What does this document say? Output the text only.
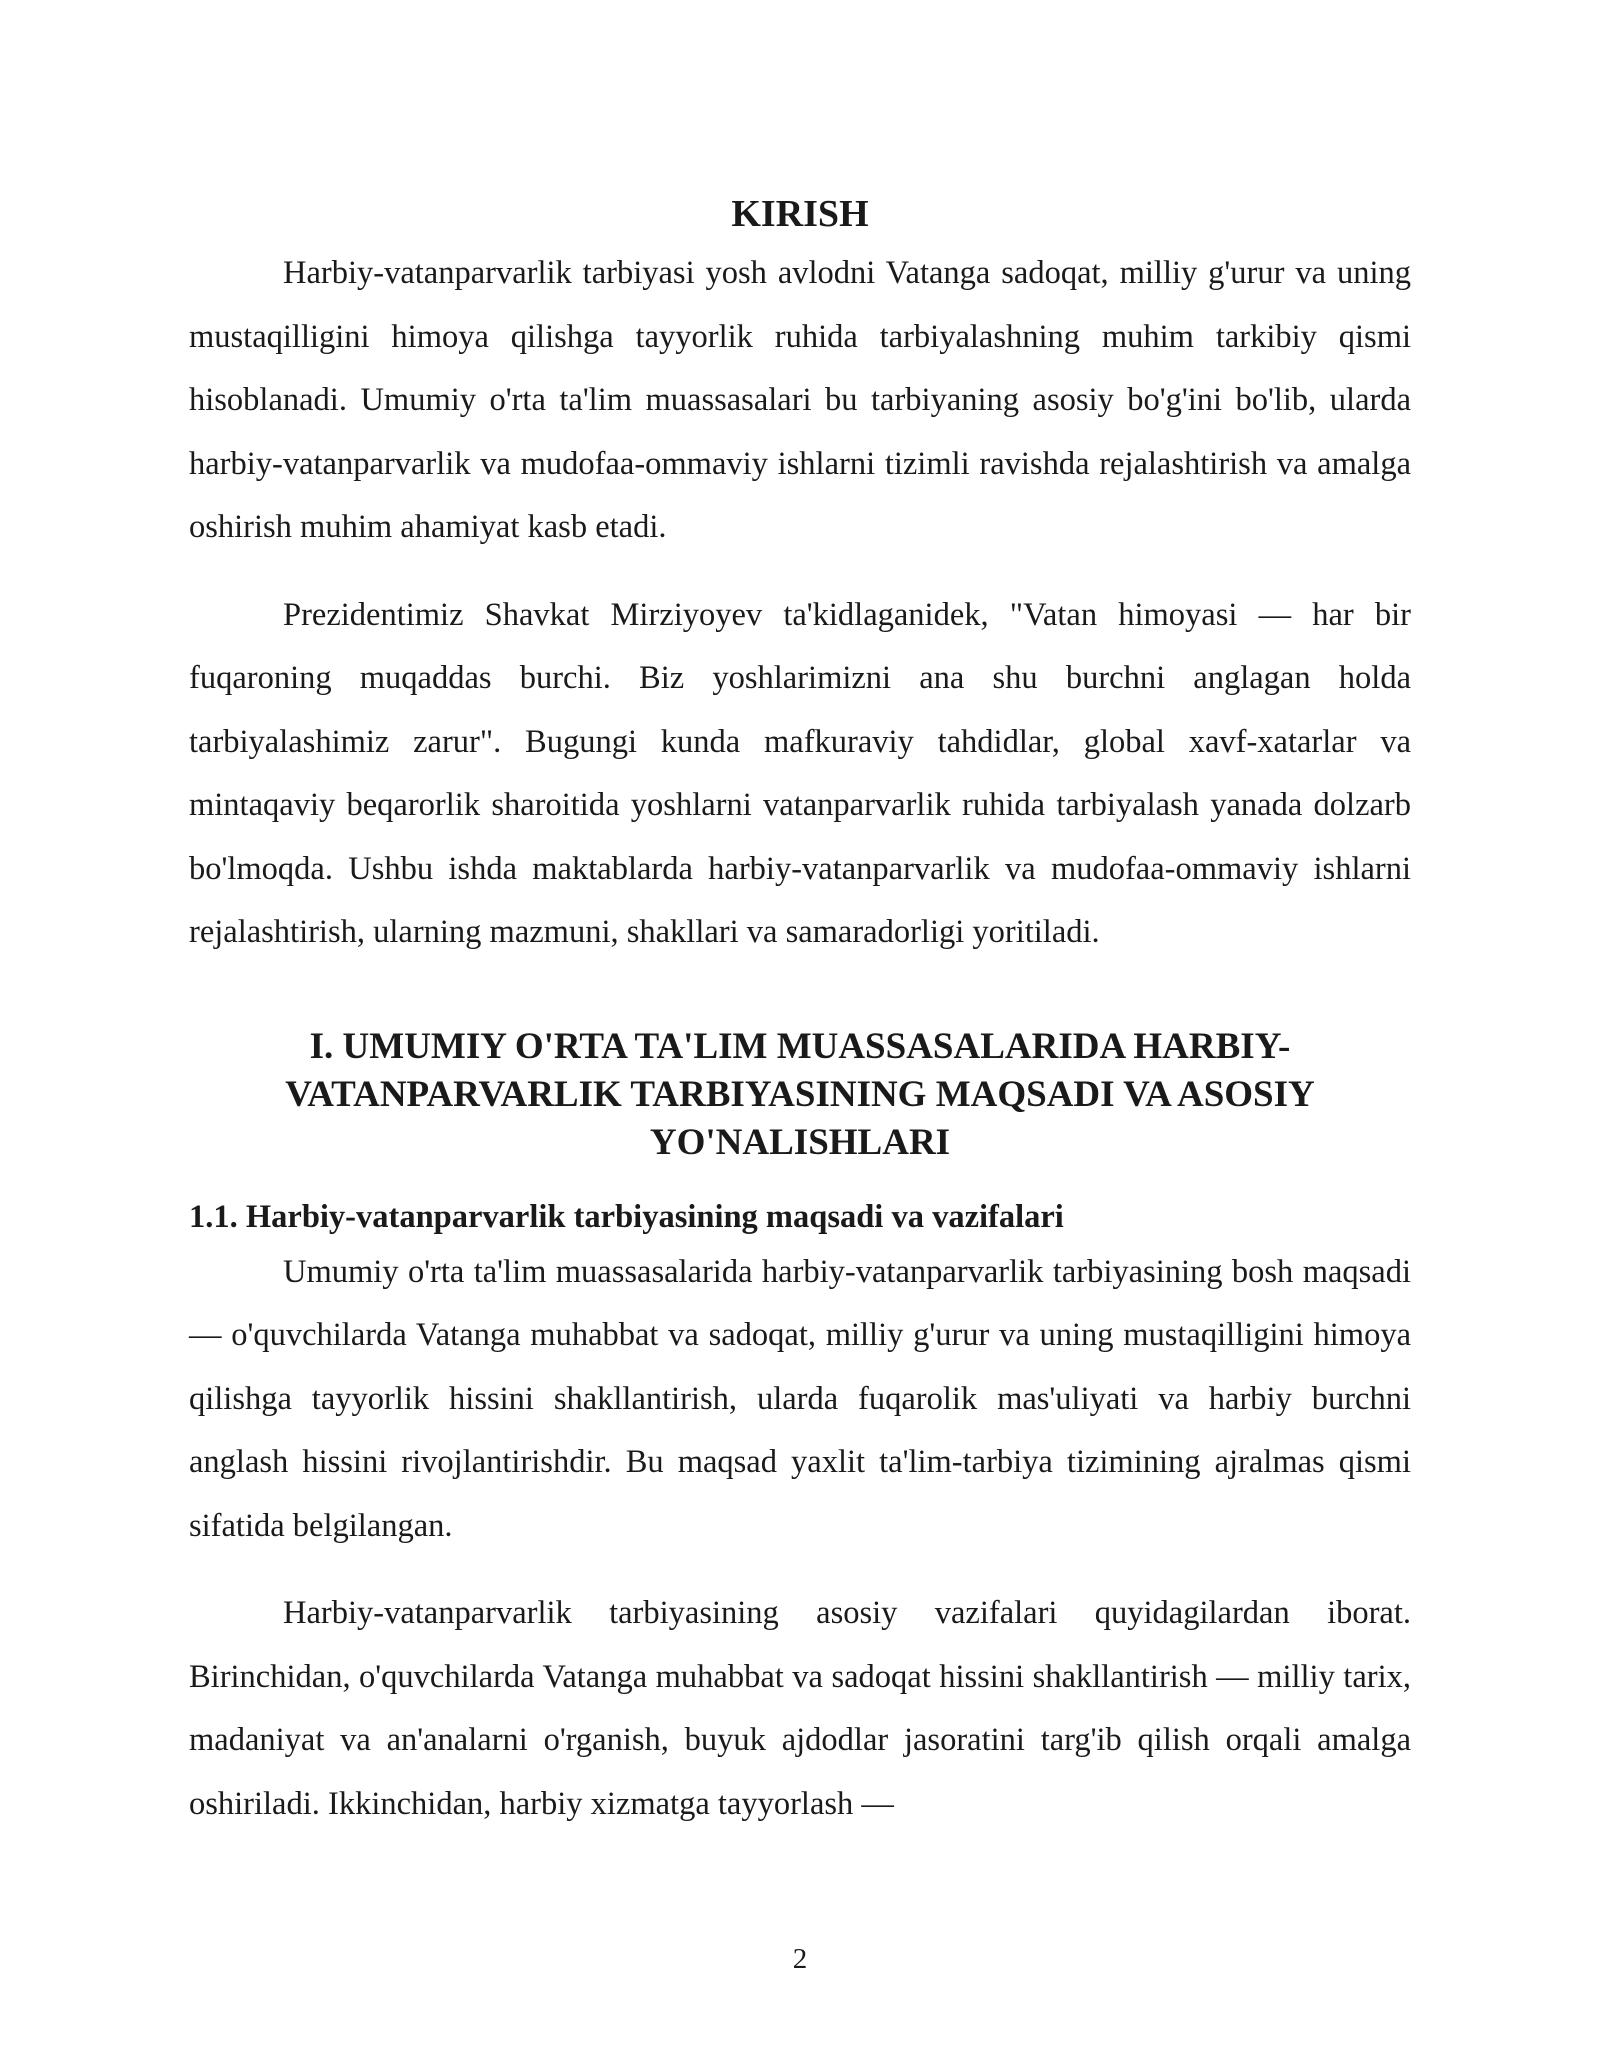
KIRISH

Harbiy-vatanparvarlik tarbiyasi yosh avlodni Vatanga sadoqat, milliy g'urur va uning mustaqilligini himoya qilishga tayyorlik ruhida tarbiyalashning muhim tarkibiy qismi hisoblanadi. Umumiy o'rta ta'lim muassasalari bu tarbiyaning asosiy bo'g'ini bo'lib, ularda harbiy-vatanparvarlik va mudofaa-ommaviy ishlarni tizimli ravishda rejalashtirish va amalga oshirish muhim ahamiyat kasb etadi.

Prezidentimiz Shavkat Mirziyoyev ta'kidlaganidek, "Vatan himoyasi — har bir fuqaroning muqaddas burchi. Biz yoshlarimizni ana shu burchni anglagan holda tarbiyalashimiz zarur". Bugungi kunda mafkuraviy tahdidlar, global xavf-xatarlar va mintaqaviy beqarorlik sharoitida yoshlarni vatanparvarlik ruhida tarbiyalash yanada dolzarb bo'lmoqda. Ushbu ishda maktablarda harbiy-vatanparvarlik va mudofaa-ommaviy ishlarni rejalashtirish, ularning mazmuni, shakllari va samaradorligi yoritiladi.

I. UMUMIY O'RTA TA'LIM MUASSASALARIDA HARBIY-VATANPARVARLIK TARBIYASINING MAQSADI VA ASOSIY YO'NALISHLARI
1.1. Harbiy-vatanparvarlik tarbiyasining maqsadi va vazifalari

Umumiy o'rta ta'lim muassasalarida harbiy-vatanparvarlik tarbiyasining bosh maqsadi — o'quvchilarda Vatanga muhabbat va sadoqat, milliy g'urur va uning mustaqilligini himoya qilishga tayyorlik hissini shakllantirish, ularda fuqarolik mas'uliyati va harbiy burchni anglash hissini rivojlantirishdir. Bu maqsad yaxlit ta'lim-tarbiya tizimining ajralmas qismi sifatida belgilangan.

Harbiy-vatanparvarlik tarbiyasining asosiy vazifalari quyidagilardan iborat. Birinchidan, o'quvchilarda Vatanga muhabbat va sadoqat hissini shakllantirish — milliy tarix, madaniyat va an'analarni o'rganish, buyuk ajdodlar jasoratini targ'ib qilish orqali amalga oshiriladi. Ikkinchidan, harbiy xizmatga tayyorlash —

2
